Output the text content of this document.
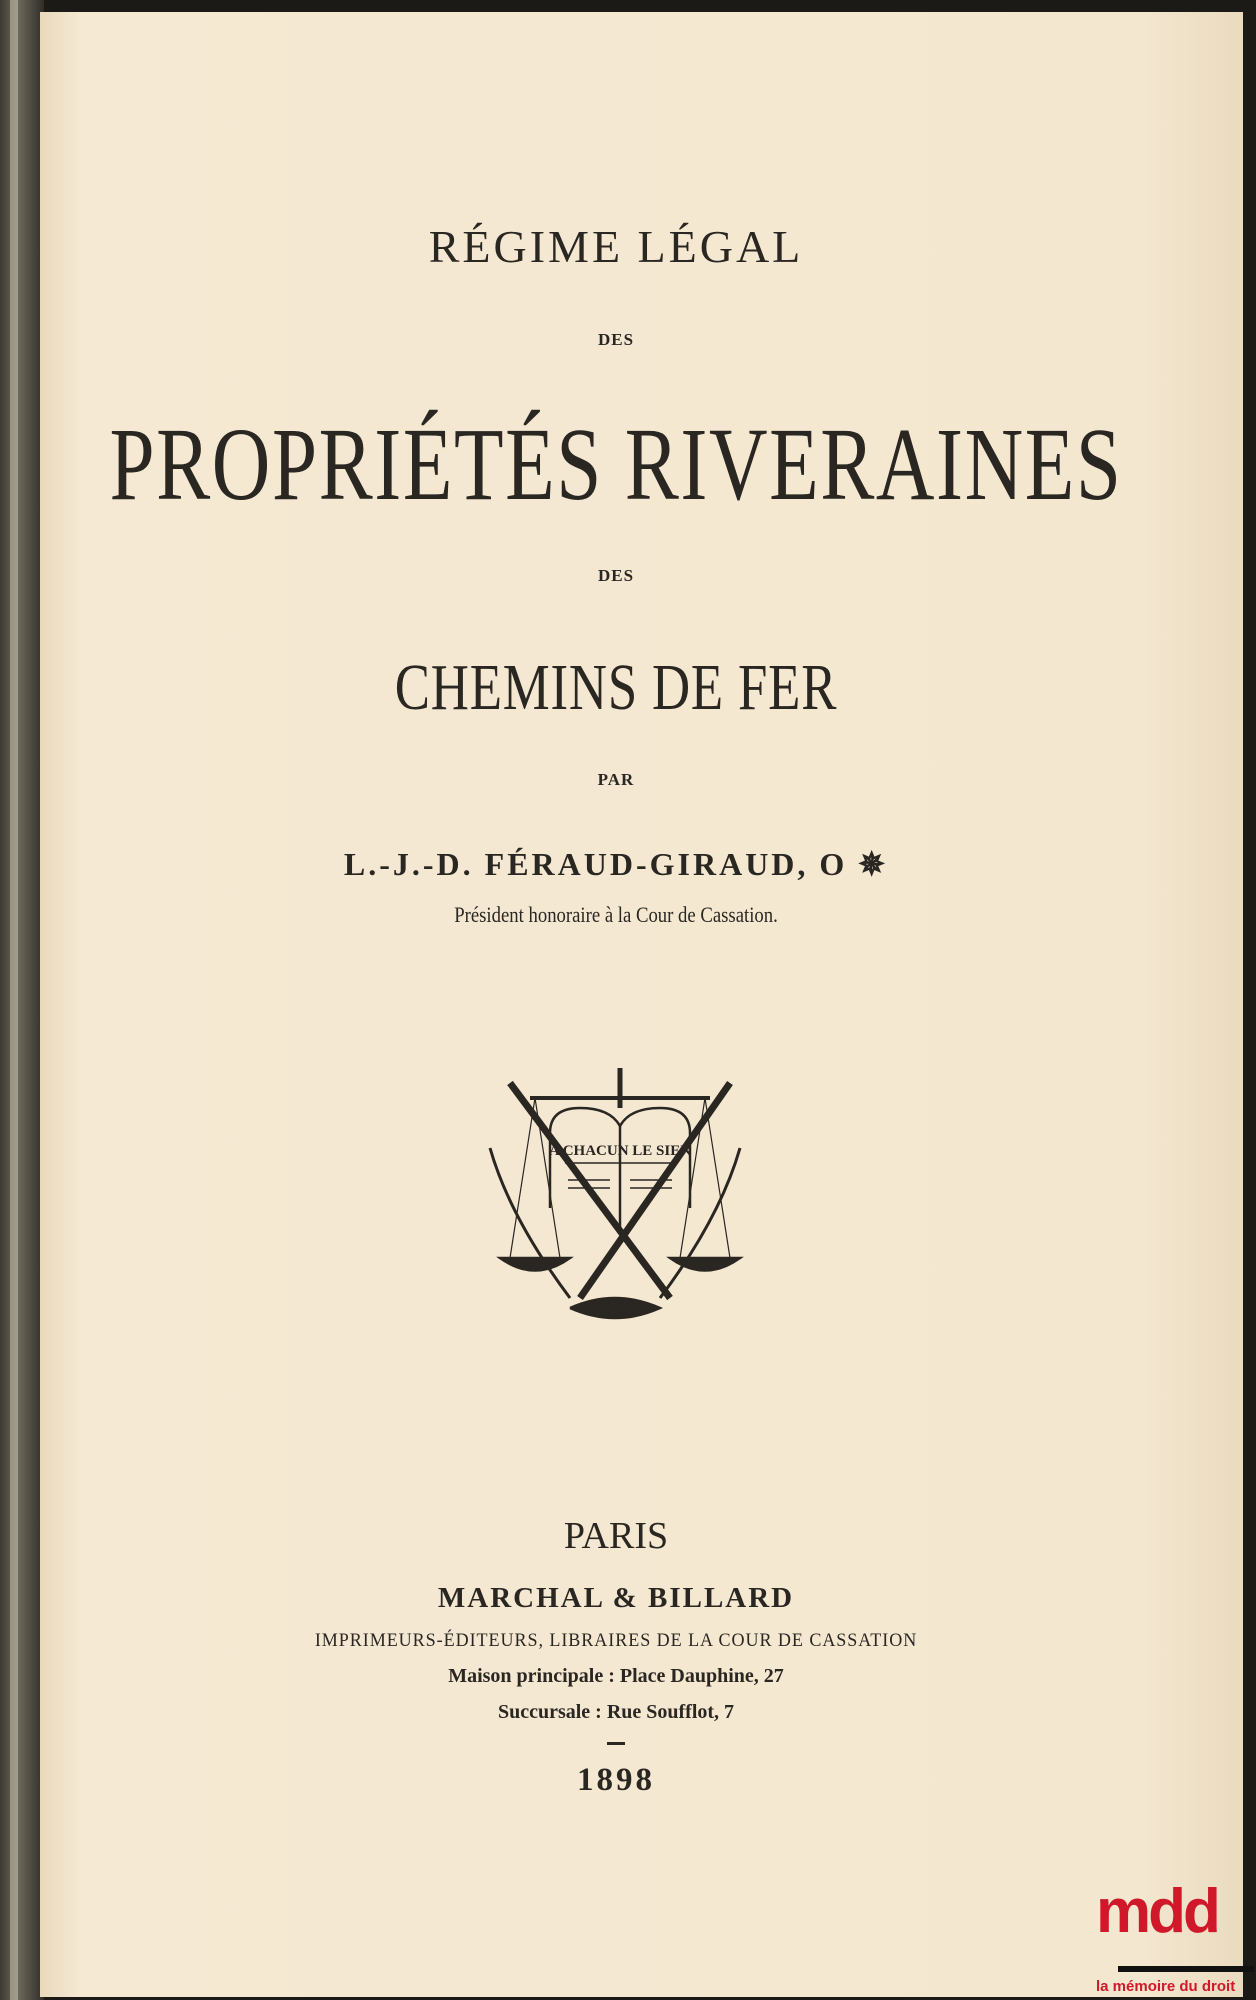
RÉGIME LÉGAL
DES
PROPRIÉTÉS RIVERAINES
DES
CHEMINS DE FER
PAR
L.-J.-D. FÉRAUD-GIRAUD, O ✵
Président honoraire à la Cour de Cassation.
A CHACUN LE SIEN
PARIS
MARCHAL & BILLARD
IMPRIMEURS-ÉDITEURS, LIBRAIRES DE LA COUR DE CASSATION
Maison principale : Place Dauphine, 27
Succursale : Rue Soufflot, 7
1898
mdd
la mémoire du droit
